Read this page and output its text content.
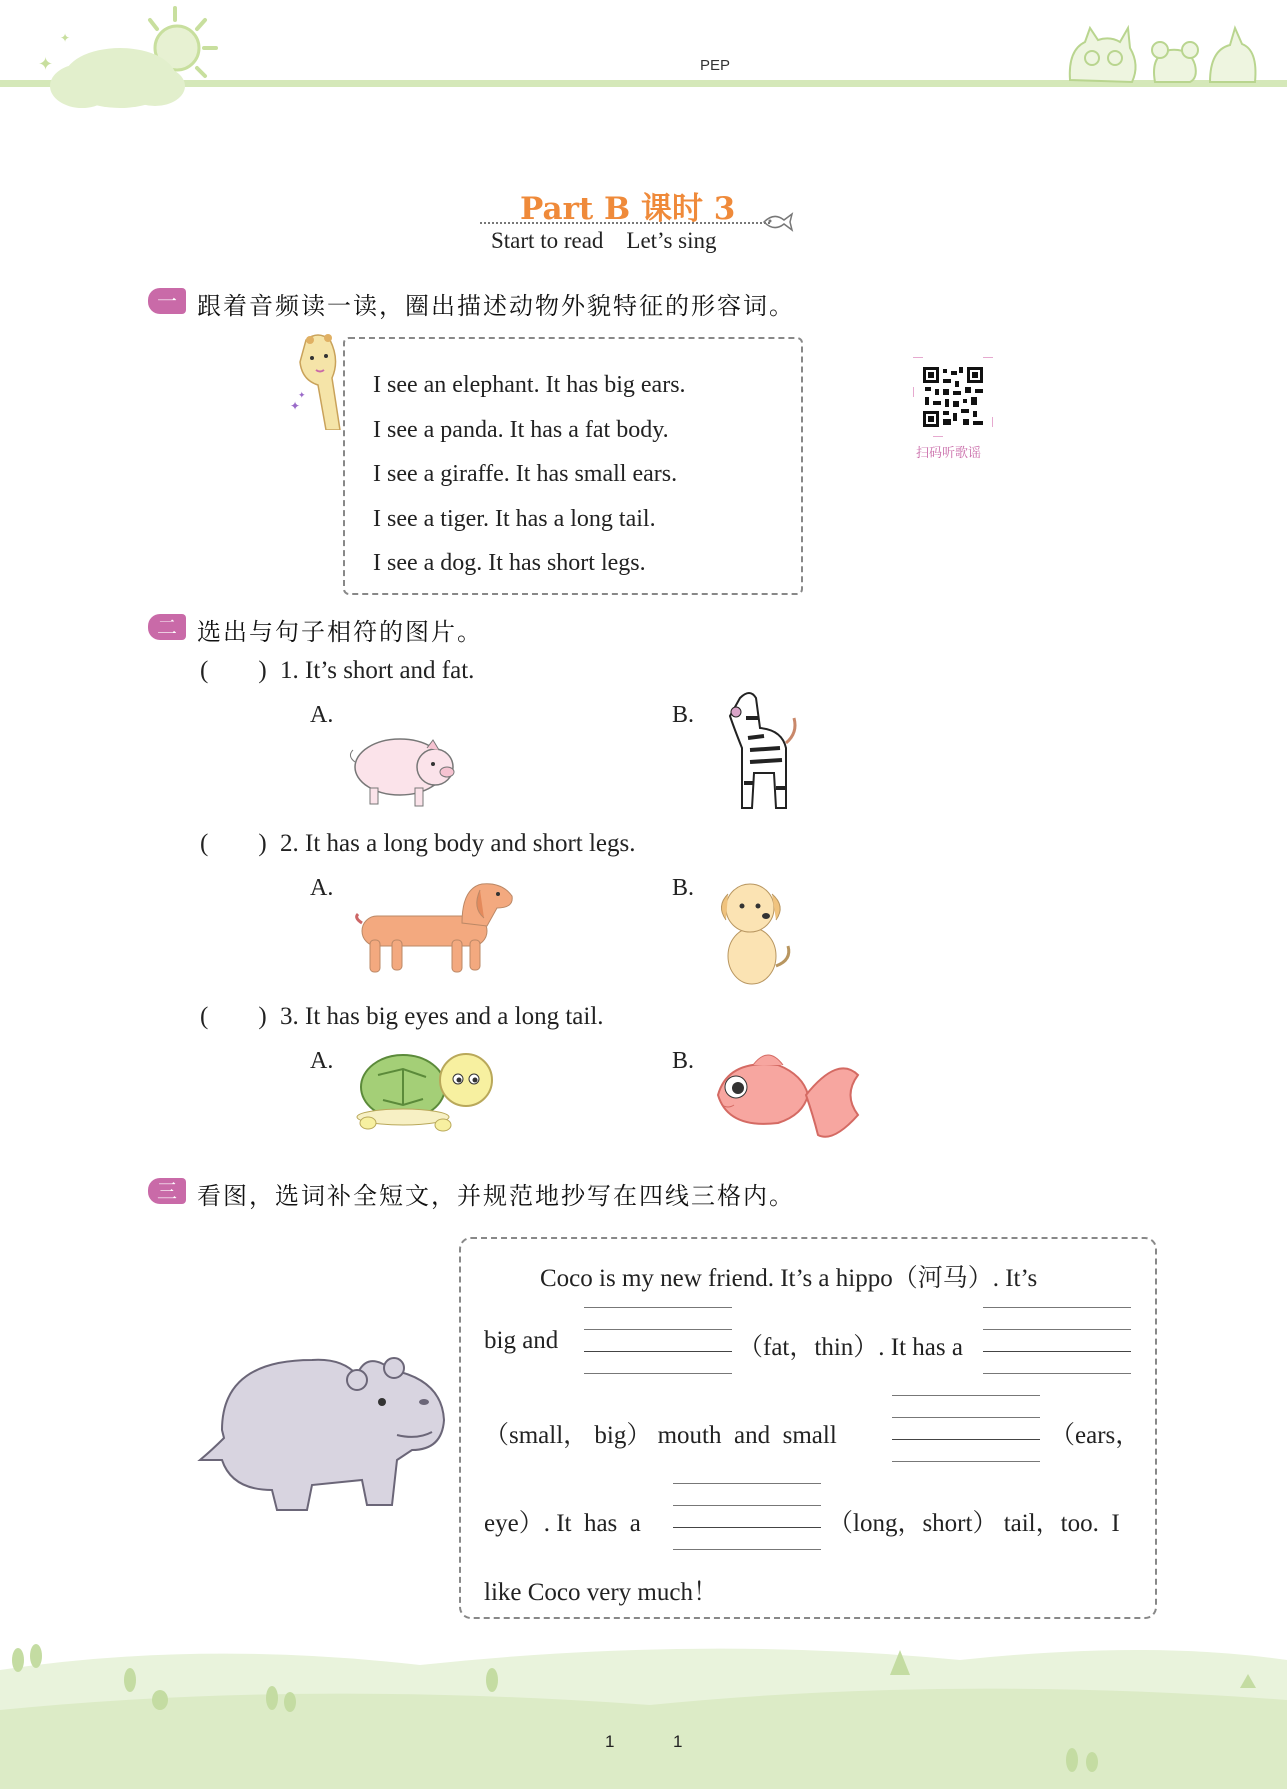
✦
✦
PEP
Part B 课时 3
Start to read    Let’s sing
一 跟着音频读一读，圈出描述动物外貌特征的形容词。
✦
✦	I see an elephant. It has big ears.
I see a panda. It has a fat body.
I see a giraffe. It has small ears.
I see a tiger. It has a long tail.
I see a dog. It has short legs.
扫码听歌谣
二 选出与句子相符的图片。
(        ) 1. It’s short and fat.
A.	B.
(        ) 2. It has a long body and short legs.
A.	B.
(        ) 3. It has big eyes and a long tail.
A.	B.
三 看图，选词补全短文，并规范地抄写在四线三格内。
Coco is my new friend. It’s a hippo（河马）. It’s
big and	（fat，thin）. It has a
（small， big） mouth  and  small	（ears，
eye）. It  has  a	（long，short） tail，too.  I
like Coco very much！
1	1
